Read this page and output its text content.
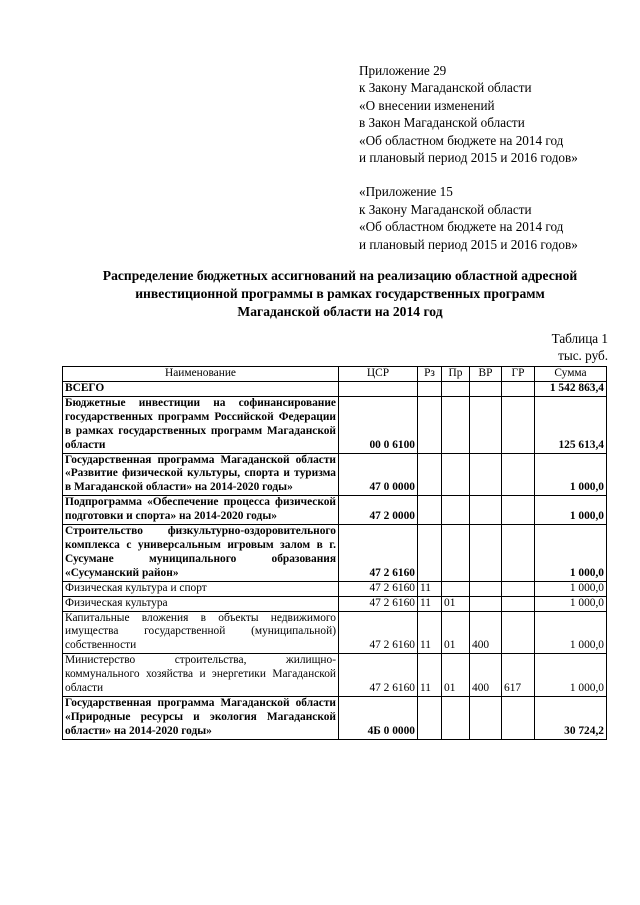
Приложение 29
к Закону Магаданской области
«О внесении изменений
в Закон Магаданской области
«Об областном бюджете на 2014 год
и плановый период 2015 и 2016 годов»
«Приложение 15
к Закону Магаданской области
«Об областном бюджете на 2014 год
и плановый период 2015 и 2016 годов»
Распределение бюджетных ассигнований на реализацию областной адресной
инвестиционной программы в рамках государственных программ
Магаданской области на 2014 год
Таблица 1
тыс. руб.
Наименование	ЦСР	Рз	Пр	ВР	ГР	Сумма

ВСЕГО						1 542 863,4

Бюджетные инвестиции на софинансирование государственных программ Российской Федерации в рамках государственных программ Магаданской области	00 0 6100					125 613,4

Государственная программа Магаданской области «Развитие физической культуры, спорта и туризма в Магаданской области» на 2014-2020 годы»	47 0 0000					1 000,0

Подпрограмма «Обеспечение процесса физической подготовки и спорта» на 2014-2020 годы»	47 2 0000					1 000,0

Строительство физкультурно-оздоровительного комплекса с универсальным игровым залом в г. Сусумане муниципального образования «Сусуманский район»	47 2 6160					1 000,0

Физическая культура и спорт	47 2 6160	11				1 000,0

Физическая культура	47 2 6160	11	01			1 000,0

Капитальные вложения в объекты недвижимого имущества государственной (муниципальной) собственности	47 2 6160	11	01	400		1 000,0

Министерство строительства, жилищно-коммунального хозяйства и энергетики Магаданской области	47 2 6160	11	01	400	617	1 000,0

Государственная программа Магаданской области «Природные ресурсы и экология Магаданской области» на 2014-2020 годы»	4Б 0 0000					30 724,2
